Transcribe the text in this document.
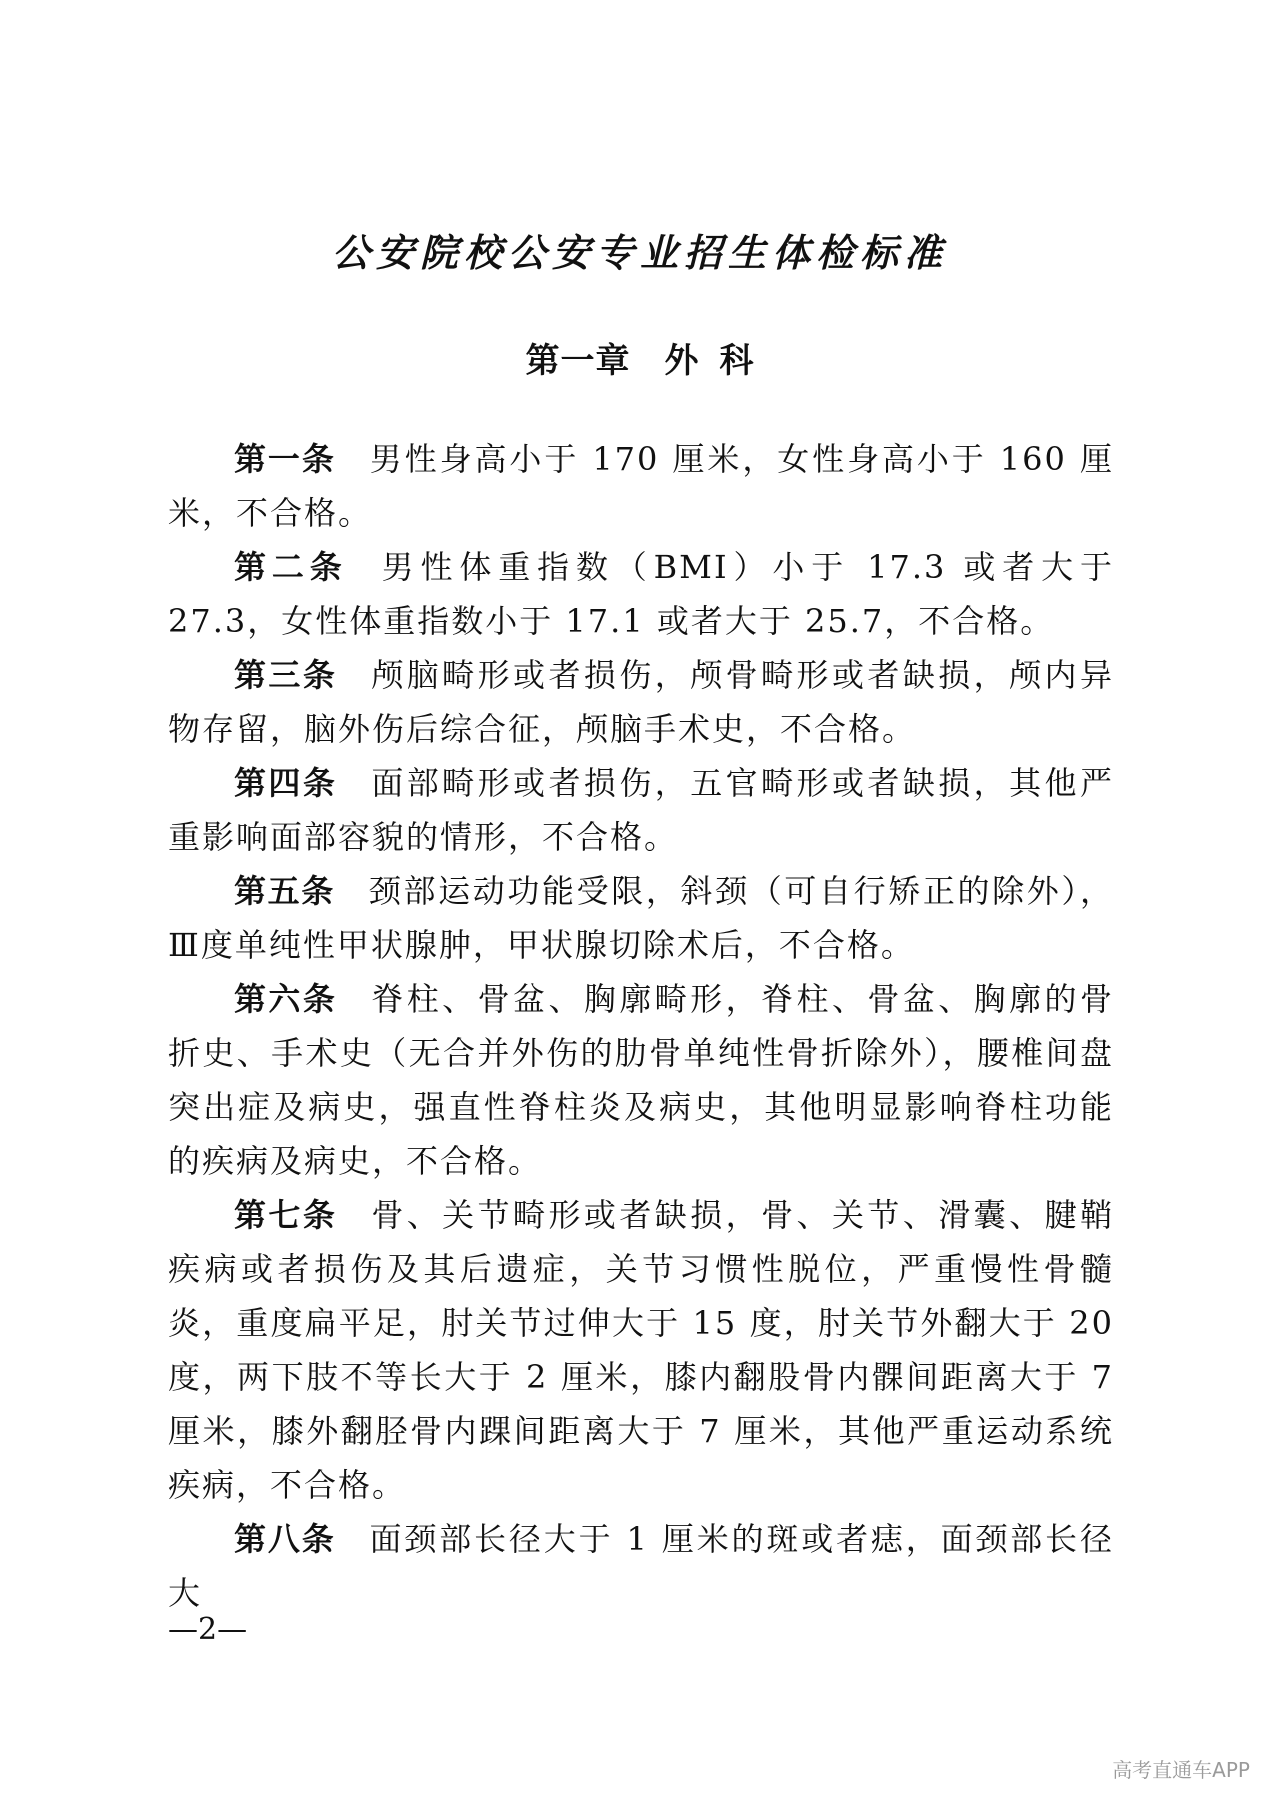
公安院校公安专业招生体检标准
第一章 外 科

第一条 男性身高小于 170 厘米，女性身高小于 160 厘米，不合格。

第二条 男性体重指数（BMI）小于 17.3 或者大于 27.3，女性体重指数小于 17.1 或者大于 25.7，不合格。

第三条 颅脑畸形或者损伤，颅骨畸形或者缺损，颅内异物存留，脑外伤后综合征，颅脑手术史，不合格。

第四条 面部畸形或者损伤，五官畸形或者缺损，其他严重影响面部容貌的情形，不合格。

第五条 颈部运动功能受限，斜颈（可自行矫正的除外），Ⅲ度单纯性甲状腺肿，甲状腺切除术后，不合格。

第六条 脊柱、骨盆、胸廓畸形，脊柱、骨盆、胸廓的骨折史、手术史（无合并外伤的肋骨单纯性骨折除外），腰椎间盘突出症及病史，强直性脊柱炎及病史，其他明显影响脊柱功能的疾病及病史，不合格。

第七条 骨、关节畸形或者缺损，骨、关节、滑囊、腱鞘疾病或者损伤及其后遗症，关节习惯性脱位，严重慢性骨髓炎，重度扁平足，肘关节过伸大于 15 度，肘关节外翻大于 20 度，两下肢不等长大于 2 厘米，膝内翻股骨内髁间距离大于 7 厘米，膝外翻胫骨内踝间距离大于 7 厘米，其他严重运动系统疾病，不合格。

第八条 面颈部长径大于 1 厘米的斑或者痣，面颈部长径大

—2—
高考直通车APP
